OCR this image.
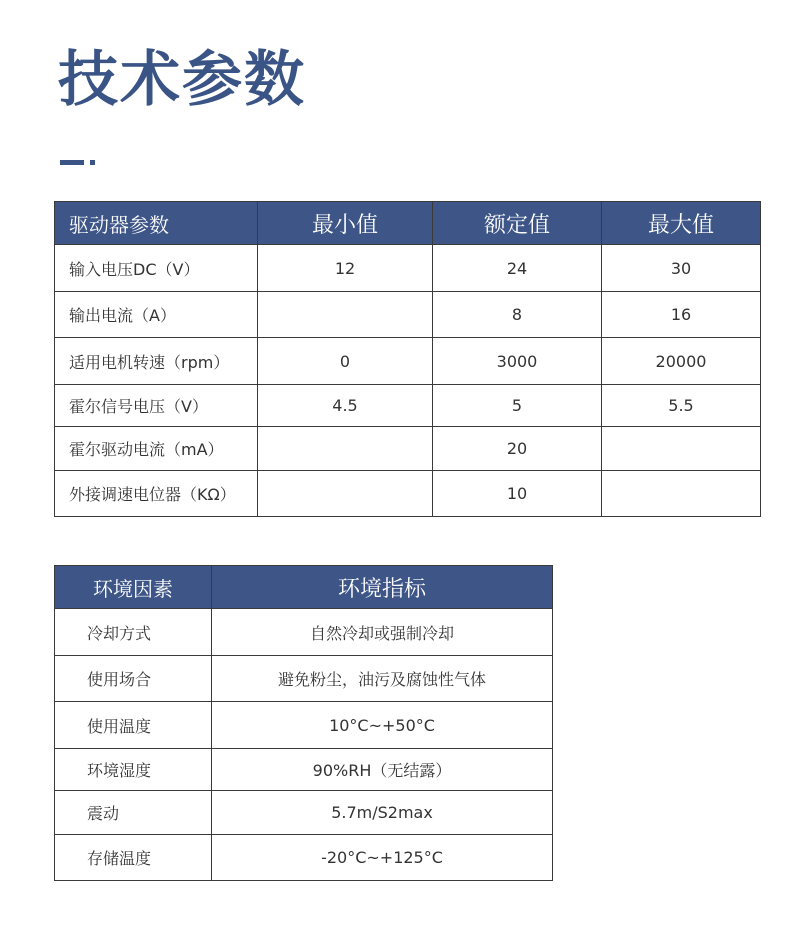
技术参数
驱动器参数	最小值	额定值	最大值
输入电压DC（V）	12	24	30
输出电流（A）		8	16
适用电机转速（rpm）	0	3000	20000
霍尔信号电压（V）	4.5	5	5.5
霍尔驱动电流（mA）		20	
外接调速电位器（KΩ）		10	
环境因素	环境指标
冷却方式	自然冷却或强制冷却
使用场合	避免粉尘，油污及腐蚀性气体
使用温度	10°C~+50°C
环境湿度	90%RH（无结露）
震动	5.7m/S2max
存储温度	-20°C~+125°C
